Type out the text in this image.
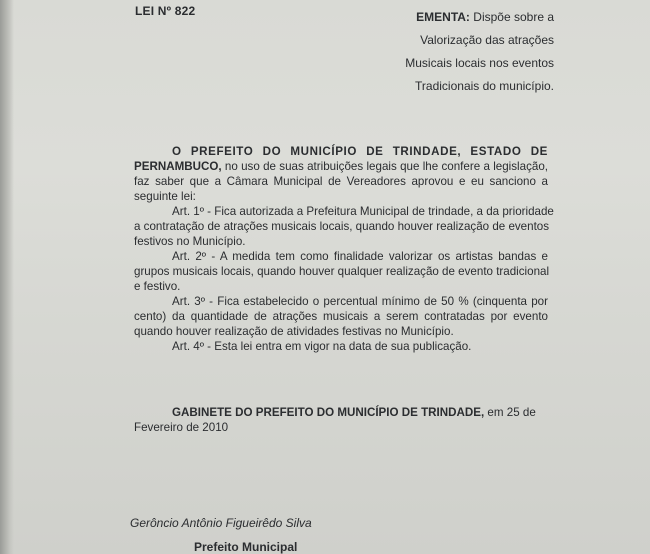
LEI Nº 822	EMENTA: Dispõe sobre a
Valorização das atrações
Musicais locais nos eventos
Tradicionais do município.

O PREFEITO DO MUNICÍPIO DE TRINDADE, ESTADO DE
PERNAMBUCO, no uso de suas atribuições legais que lhe confere a legislação,
faz saber que a Câmara Municipal de Vereadores aprovou e eu sanciono a
seguinte lei:

Art. 1º - Fica autorizada a Prefeitura Municipal de trindade, a da prioridade
a contratação de atrações musicais locais, quando houver realização de eventos
festivos no Município.

Art. 2º - A medida tem como finalidade valorizar os artistas bandas e
grupos musicais locais, quando houver qualquer realização de evento tradicional
e festivo.

Art. 3º - Fica estabelecido o percentual mínimo de 50 % (cinquenta por
cento) da quantidade de atrações musicais a serem contratadas por evento
quando houver realização de atividades festivas no Município.

Art. 4º - Esta lei entra em vigor na data de sua publicação.

GABINETE DO PREFEITO DO MUNICÍPIO DE TRINDADE, em 25 de
Fevereiro de 2010
Gerôncio Antônio Figueirêdo Silva
Prefeito Municipal
